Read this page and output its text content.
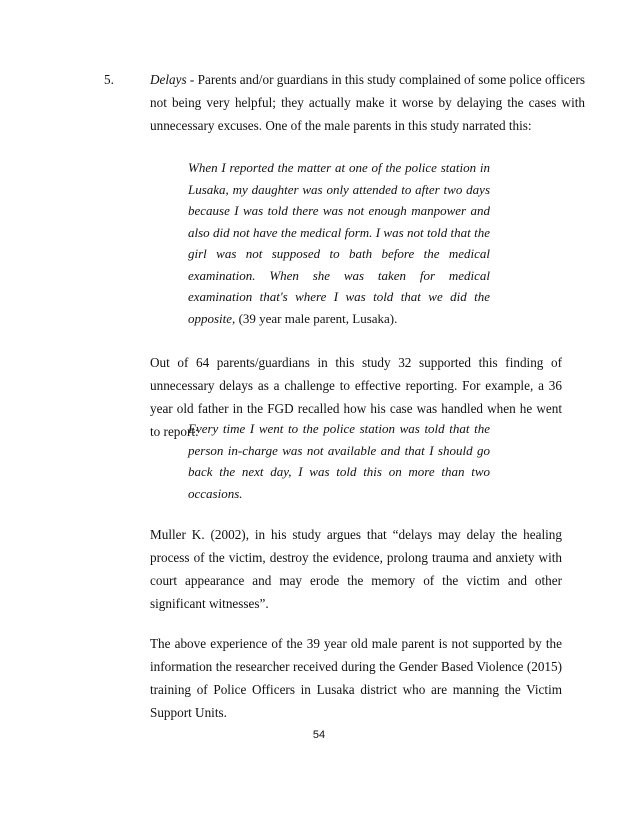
5.	Delays - Parents and/or guardians in this study complained of some police officers not being very helpful; they actually make it worse by delaying the cases with unnecessary excuses. One of the male parents in this study narrated this:
When I reported the matter at one of the police station in Lusaka, my daughter was only attended to after two days because I was told there was not enough manpower and also did not have the medical form. I was not told that the girl was not supposed to bath before the medical examination. When she was taken for medical examination that's where I was told that we did the opposite, (39 year male parent, Lusaka).
Out of 64 parents/guardians in this study 32 supported this finding of unnecessary delays as a challenge to effective reporting. For example, a 36 year old father in the FGD recalled how his case was handled when he went to report:
Every time I went to the police station was told that the person in-charge was not available and that I should go back the next day, I was told this on more than two occasions.
Muller K. (2002), in his study argues that “delays may delay the healing process of the victim, destroy the evidence, prolong trauma and anxiety with court appearance and may erode the memory of the victim and other significant witnesses”.
The above experience of the 39 year old male parent is not supported by the information the researcher received during the Gender Based Violence (2015) training of Police Officers in Lusaka district who are manning the Victim Support Units.
54
